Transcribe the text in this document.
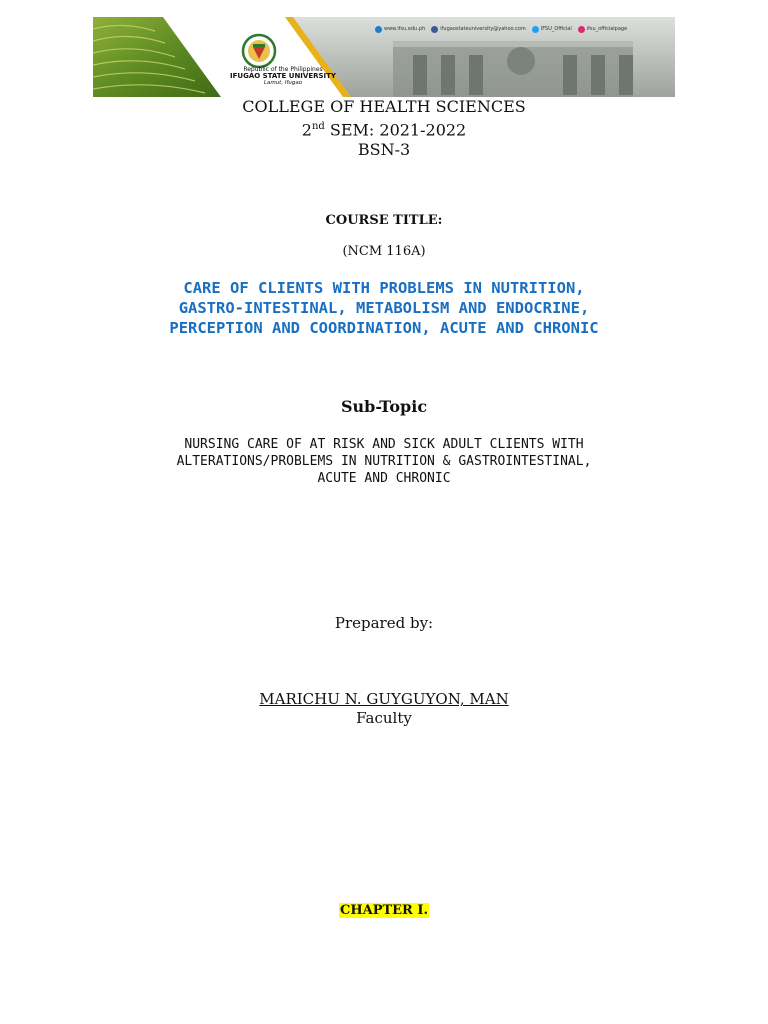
www.ifsu.edu.ph	ifugaostateuniversity@yahoo.com	IFSU_Official	ifsu_officialpage
Republic of the Philippines
IFUGAO STATE UNIVERSITY
Lamut, Ifugao
COLLEGE OF HEALTH SCIENCES
2nd SEM: 2021-2022
BSN-3
COURSE TITLE:
(NCM 116A)
CARE OF CLIENTS WITH PROBLEMS IN NUTRITION,
GASTRO-INTESTINAL, METABOLISM AND ENDOCRINE,
PERCEPTION AND COORDINATION, ACUTE AND CHRONIC
Sub-Topic
NURSING CARE OF AT RISK AND SICK ADULT CLIENTS WITH
ALTERATIONS/PROBLEMS IN NUTRITION & GASTROINTESTINAL,
ACUTE AND CHRONIC
Prepared by:
MARICHU N. GUYGUYON, MAN
Faculty
CHAPTER I.
